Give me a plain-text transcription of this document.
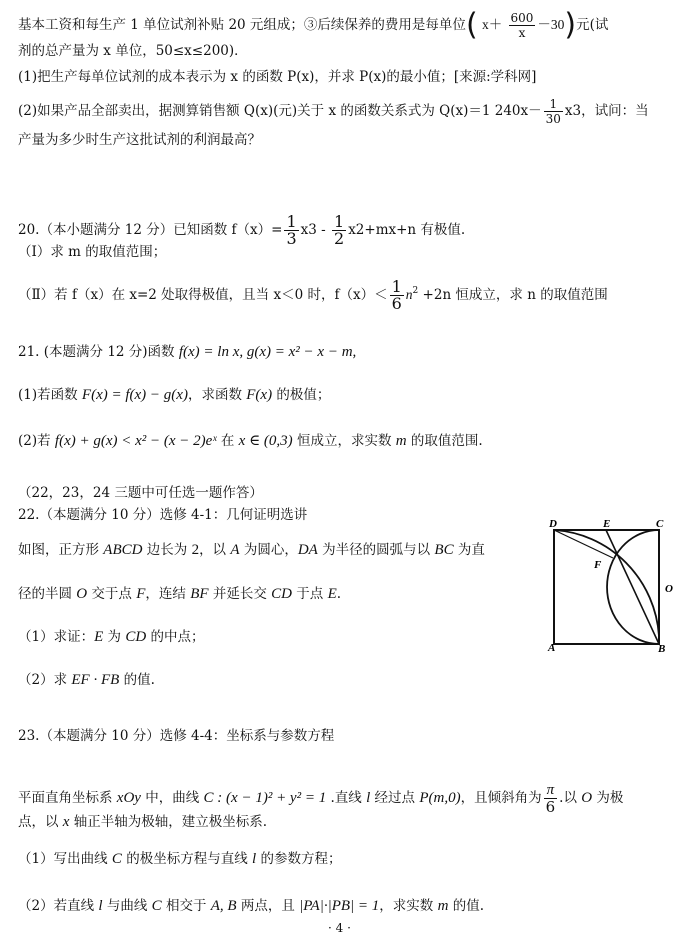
基本工资和每生产 1 单位试剂补贴 20 元组成；③后续保养的费用是每单位( $x+ \frac{600}{x} -30$)元(试
剂的总产量为 x 单位，50≤x≤200)．
(1)把生产每单位试剂的成本表示为 x 的函数 P(x)，并求 P(x)的最小值；[来源:学科网]
(2)如果产品全部卖出，据测算销售额 Q(x)(元)关于 x 的函数关系式为 Q(x)＝1 $240x- \frac{1}{30} x3$，试问：当
产量为多少时生产这批试剂的利润最高？
20.（本小题满分 12 分）已知函数 $f(x)= \frac{1}{3} x3 - \frac{1}{2} x2+mx+n$ 有极值.
（Ⅰ）求 m 的取值范围；
（Ⅱ）若 f（x）在 x=2 处取得极值，且当 x＜0 时，$f(x)< \frac{1}{6} n^2 +2n$ 恒成立，求 n 的取值范围
21. (本题满分 12 分)函数 f(x) = ln x, g(x) = x² − x − m,
(1)若函数 F(x) = f(x) − g(x)，求函数 F(x) 的极值；
(2)若 f(x) + g(x) < x² − (x − 2)eˣ 在 x ∈ (0,3) 恒成立，求实数 m 的取值范围.
（22，23，24 三题中可任选一题作答）
22.（本题满分 10 分）选修 4-1：几何证明选讲
如图，正方形 ABCD 边长为 2，以 A 为圆心，DA 为半径的圆弧与以 BC 为直
径的半圆 O 交于点 F，连结 BF 并延长交 CD 于点 E.
（1）求证：E 为 CD 的中点；
（2）求 EF · FB 的值.
D	E	C
F
O
A	B
23.（本题满分 10 分）选修 4-4：坐标系与参数方程
平面直角坐标系 xOy 中，曲线 C : (x − 1)² + y² = 1 .直线 l 经过点 P(m,0)，且倾斜角为 $\frac{\pi}{6}$ .以 O 为极
点，以 x 轴正半轴为极轴，建立极坐标系.
（1）写出曲线 C 的极坐标方程与直线 l 的参数方程；
（2）若直线 l 与曲线 C 相交于 A, B 两点，且 |PA|·|PB| = 1，求实数 m 的值.
· 4 ·
